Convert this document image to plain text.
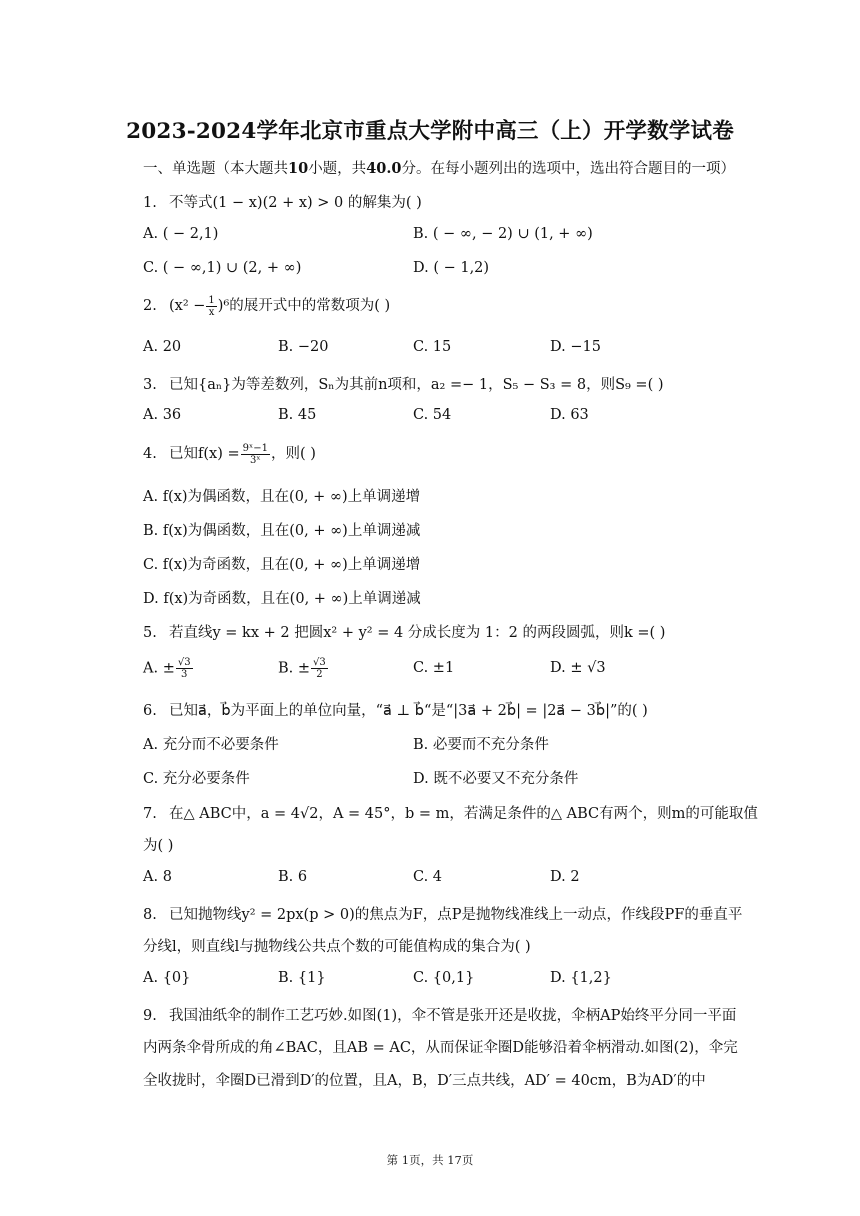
2023-2024学年北京市重点大学附中高三（上）开学数学试卷
一、单选题（本大题共10小题，共40.0分。在每小题列出的选项中，选出符合题目的一项）
1. 不等式(1 − x)(2 + x) > 0 的解集为( )
A. ( − 2,1)	B. ( − ∞, − 2) ∪ (1, + ∞)
C. ( − ∞,1) ∪ (2, + ∞)	D. ( − 1,2)
2. $(x^2 - \frac{1}{x} )^6$的展开式中的常数项为( )
A. 20	B. −20	C. 15	D. −15
3. 已知{aₙ}为等差数列，Sₙ为其前n项和，a₂ =− 1，S₅ − S₃ = 8，则S₉ =( )
A. 36	B. 45	C. 54	D. 63
4. 已知$f(x) = \frac{\text{9ˣ−1}}{\text{3ˣ}}$ ，则( )
A. f(x)为偶函数，且在(0, + ∞)上单调递增
B. f(x)为偶函数，且在(0, + ∞)上单调递减
C. f(x)为奇函数，且在(0, + ∞)上单调递增
D. f(x)为奇函数，且在(0, + ∞)上单调递减
5. 若直线y = kx + 2 把圆x² + y² = 4 分成长度为 1：2 的两段圆弧，则k =( )
A. ± $\frac{√3}{3}$	B. ± $\frac{√3}{2}$	C. ±1	D. ± √3
6. 已知a⃗，b⃗为平面上的单位向量，“a⃗ ⊥ b⃗“是“|3a⃗ + 2b⃗| = |2a⃗ − 3b⃗|”的( )
A. 充分而不必要条件	B. 必要而不充分条件
C. 充分必要条件	D. 既不必要又不充分条件
7. 在△ ABC中，a = 4√2，A = 45°，b = m，若满足条件的△ ABC有两个，则m的可能取值
为( )
A. 8	B. 6	C. 4	D. 2
8. 已知抛物线y² = 2px(p > 0)的焦点为F，点P是抛物线准线上一动点，作线段PF的垂直平
分线l，则直线l与抛物线公共点个数的可能值构成的集合为( )
A. {0}	B. {1}	C. {0,1}	D. {1,2}
9. 我国油纸伞的制作工艺巧妙.如图(1)，伞不管是张开还是收拢，伞柄AP始终平分同一平面
内两条伞骨所成的角∠BAC，且AB = AC，从而保证伞圈D能够沿着伞柄滑动.如图(2)，伞完
全收拢时，伞圈D已滑到D′的位置，且A，B，D′三点共线，AD′ = 40cm，B为AD′的中
第 1页，共 17页
